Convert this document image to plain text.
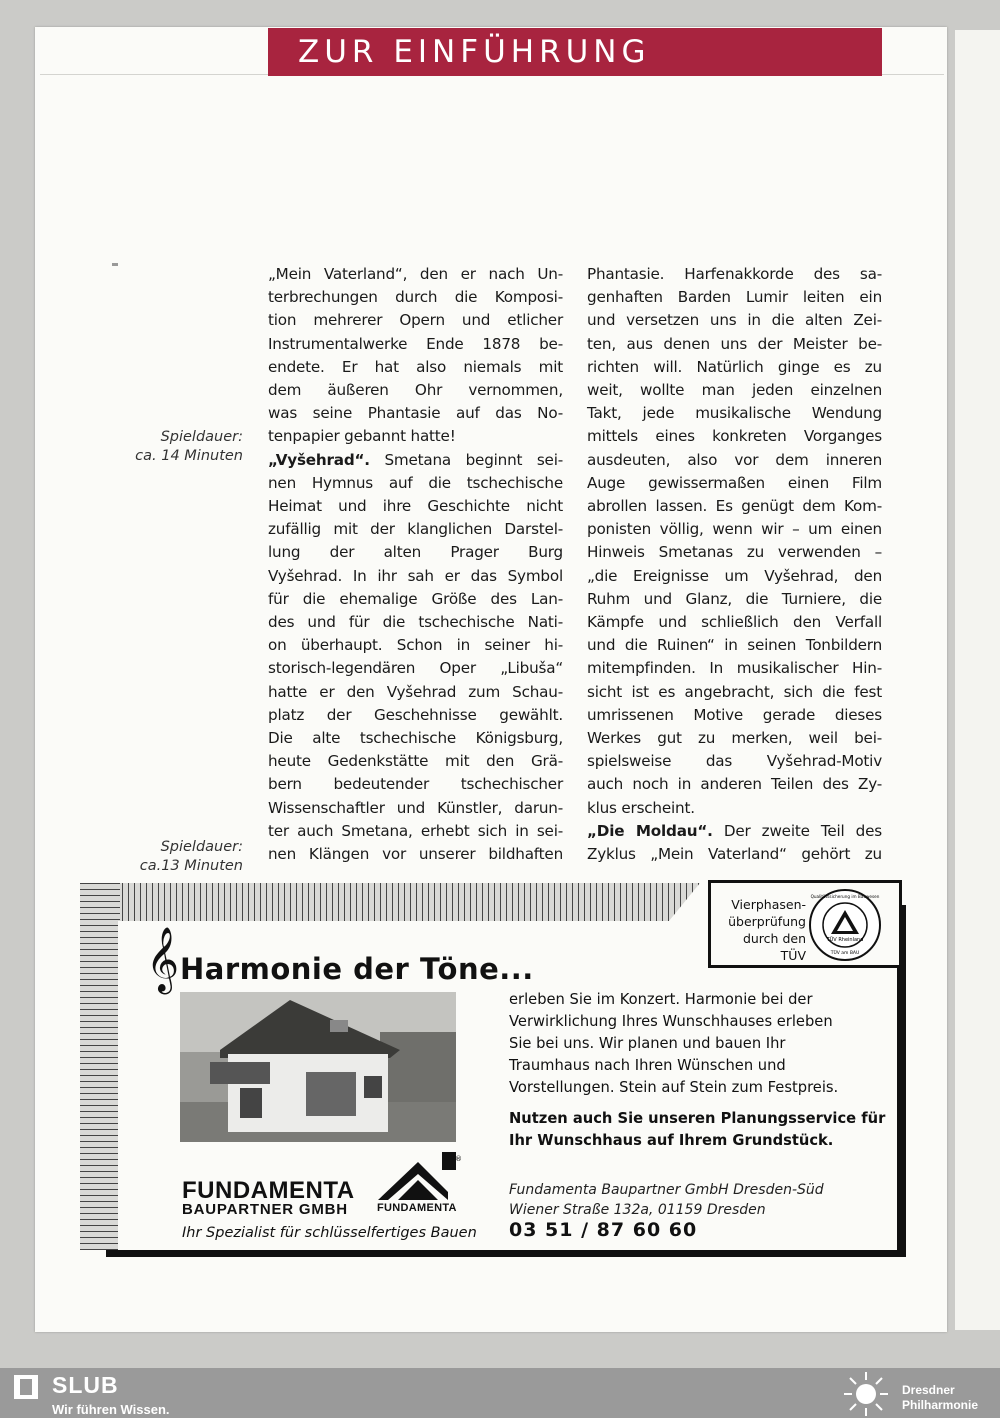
ZUR EINFÜHRUNG
Spieldauer:
ca. 14 Minuten
Spieldauer:
ca.13 Minuten
„Mein Vaterland“, den er nach Un-
terbrechungen durch die Komposi-
tion mehrerer Opern und etlicher
Instrumentalwerke Ende 1878 be-
endete. Er hat also niemals mit
dem äußeren Ohr vernommen,
was seine Phantasie auf das No-
tenpapier gebannt hatte!
„Vyšehrad“. Smetana beginnt sei-
nen Hymnus auf die tschechische
Heimat und ihre Geschichte nicht
zufällig mit der klanglichen Darstel-
lung der alten Prager Burg
Vyšehrad. In ihr sah er das Symbol
für die ehemalige Größe des Lan-
des und für die tschechische Nati-
on überhaupt. Schon in seiner hi-
storisch-legendären Oper „Libuša“
hatte er den Vyšehrad zum Schau-
platz der Geschehnisse gewählt.
Die alte tschechische Königsburg,
heute Gedenkstätte mit den Grä-
bern bedeutender tschechischer
Wissenschaftler und Künstler, darun-
ter auch Smetana, erhebt sich in sei-
nen Klängen vor unserer bildhaften
Phantasie. Harfenakkorde des sa-
genhaften Barden Lumir leiten ein
und versetzen uns in die alten Zei-
ten, aus denen uns der Meister be-
richten will. Natürlich ginge es zu
weit, wollte man jeden einzelnen
Takt, jede musikalische Wendung
mittels eines konkreten Vorganges
ausdeuten, also vor dem inneren
Auge gewissermaßen einen Film
abrollen lassen. Es genügt dem Kom-
ponisten völlig, wenn wir – um einen
Hinweis Smetanas zu verwenden –
„die Ereignisse um Vyšehrad, den
Ruhm und Glanz, die Turniere, die
Kämpfe und schließlich den Verfall
und die Ruinen“ in seinen Tonbildern
mitempfinden. In musikalischer Hin-
sicht ist es angebracht, sich die fest
umrissenen Motive gerade dieses
Werkes gut zu merken, weil bei-
spielsweise das Vyšehrad-Motiv
auch noch in anderen Teilen des Zy-
klus erscheint.
„Die Moldau“. Der zweite Teil des
Zyklus „Mein Vaterland“ gehört zu
𝄞 Harmonie der Töne...
Vierphasen-
überprüfung
durch den TÜV
TÜV Rheinland
TÜV am BAU
Qualitätssicherung im Bauwesen
erleben Sie im Konzert. Harmonie bei der
Verwirklichung Ihres Wunschhauses erleben
Sie bei uns. Wir planen und bauen Ihr
Traumhaus nach Ihren Wünschen und
Vorstellungen. Stein auf Stein zum Festpreis.
Nutzen auch Sie unseren Planungsservice für
Ihr Wunschhaus auf Ihrem Grundstück.
FUNDAMENTA
BAUPARTNER GMBH
®
FUNDAMENTA
Ihr Spezialist für schlüsselfertiges Bauen
Fundamenta Baupartner GmbH Dresden-Süd
Wiener Straße 132a, 01159 Dresden
03 51 / 87 60 60
SLUB
Wir führen Wissen.
Dresdner
Philharmonie
